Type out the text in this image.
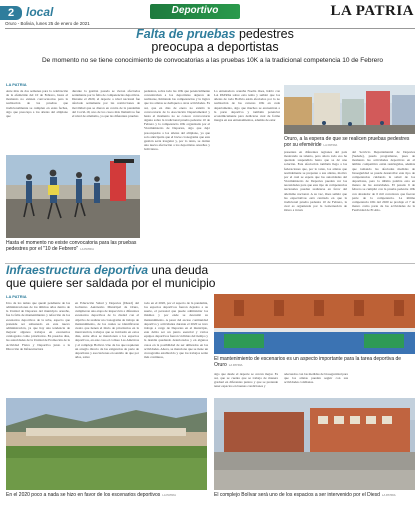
2 local	Deportivo	LA PATRIA
Oruro - Bolivia, lunes 25 de enero de 2021
Falta de pruebas pedestres
preocupa a deportistas
De momento no se tiene conocimiento de convocatorias a las pruebas 10K a la tradicional competencia 10 de Febrero
LA PATRIA
Ante más de dos semanas para la celebración de la efeméride del 10 de Febrero, hasta el momento no existen convocatorias para la realización de las pruebas que tradicionalmente se cumplen en estas fechas, algo que preocupa a los atletas del altiplano que
durante la gestión pasada se vieron afectados seriamente por la falta de competencias deportivas. Durante el 2020, el deporte a nivel nacional fue afectado seriamente por las restricciones de movilidad que se dieron en contra de la pandemia del Covid-19, uno de los casos más llamativos fue el nivel de atletismo, ya que las diferentes pruebas
pedestres, sobre todo las 10K que potencialmente concentraban a los deportistas dejaron de realizarse, limitando las competencias y la lógica que los atletas se dediquen a otras actividades. Es así, que en días de enero no existió la convocatoria de la Asociación Departamental y hasta el momento no se conoce convocatoria alguna sobre la tradicional prueba pedestre 10 de Febrero y la competencia 10K organizada por el Viceministerio de Deportes, algo que dejó preocupados a los atletas del altiplano, ya que solo anticiparía que el breve cronograma que esta gestión sería irregular y, por lo tanto, se darían una nueva afectación a los deportistas orureños y bolivianos.
La entrenadora orureña Noelia Oses, habló con LA PATRIA sobre esta tema y señaló que los atletas de toda Bolivia están afectados por la no realización de las carreras 10K en cada departamento, algo que muchos se encuentran a la parte deportiva y también potenciar económicamente para dedicarse cual de forma íntegra en sus entrenamientos, además de estar
presentes en diferentes regiones del país mostrando su talento, pero ahora todo eso ha quedado suspendido hasta que se dé una solución. Esta afectación también llega a las federaciones que, por lo tanto, los atletas que normalmente se preparan a sus atletas, motivo por el cual se espera que las autoridades del Viceministerio de Deportes puedan ver las necesidades para que este tipo de competencias nacionales puedan realizarse en favor del atletismo nacional. A su vez, Oses señaló que las expectativas está centrada en que la tradicional prueba pedestre 10 de Febrero, la cual es organizada por la Gobernación de Oruro a través
del Servicio Departamental de Deportes (Sedede), pueda programarse, pues de momento las actividades deportivas en el ámbito competitivo están restringidas, además que tomando las afectadas medidas de bioseguridad se puede desarrollar este tipo de competencias cuidando la salud de los deportistas, pero la última palabra esta en manos de las autoridades. El pasado 6 de febrero se cumplió con la prueba pedestre 10K con alrededor de 6 mil corredores que fueron parte de la competencia. La última competencia 10K del 2020 se produjo el 7 de marzo como parte de las actividades de la Festividad de El Alto.
Hasta el momento no existe convocatoria para las pruebas pedestres por el "10 de Febrero" LA PATRIA
Oruro, a la espera de que se realicen pruebas pedestres por su efeméride LA PATRIA
Infraestructura deportiva una deuda
que quiere ser saldada por el municipio
LA PATRIA
Uno de los temas que quedó pendiente de las administraciones de los últimos años dentro de la Unidad de Deportes del municipio orureño, fue la falta de mantenimiento y refacción de los escenarios deportivos de la urbe, aspecto que pretende ser subsanado en este nuevo administración, ya que hay una tendencia de mejorar algunos trabajos en escenarios catalogados como prioritarios. En pasados días, las autoridades de la Unidad de Promoción de la Actividad Física y Deportiva junto a la Dirección de Infraestructura
en Educación Salud y Deportes (Diesd) del Gobierno Autónomo Municipal de Oruro, cumplieron una etapa de inspección a diferentes escenarios deportivos de la ciudad con el objetivo de realizar un cronograma de trabajo de mantenimiento, de los cuales se identificaron cuatro que tienen el título de prioritarios en la intervención, trabajos que se iniciarán en estos días, entre ellos se mencionan a los espacios deportivos, en este caso el coliseo Las Américas y el complejo Bolívar. Uno de los que requieren un arreglo directo de las exigencias de parte de deportistas y asociaciones en sentido de que por años, sobre
todo en el 2020, por el aspecto de la pandemia, los espacios deportivos fueron dejados a su suerte, el personal que puede administrar los mismos y por ende se descuidó su mantenimiento. A pesar del escaso continuidad deportiva y actividades durante el 2020 se tuvo trabajo a cargo de Deportes en el municipio, este debía ser un punto esencial y varios equipos deportivos fueron víctimas del tiempo y la desidia quedando deteriorados y en algunos casos en la posibilidad de ser utilizados en las actividades. Ahora, se menciona que se tiene un cronograma establecido y que los trabajos serán más continuos,	El mantenimiento de escenarios es un aspecto importante para la tarea deportiva de Oruro LA PATRIA
algo que desde el deporte se cercan mejor. Es así, que se cuenta que se trabaja de manera gradual en diferentes puntos y que se pretende tener espacios en buenas condiciones y
adecuados con las medidas de bioseguridad para que los atletas puedan seguir con sus actividades cotidianas.
En el 2020 poco a nada se hizo en favor de los escenarios deportivos LA PATRIA	El complejo Bolívar será uno de los espacios a ser intervenido por el Diesd LA PATRIA
